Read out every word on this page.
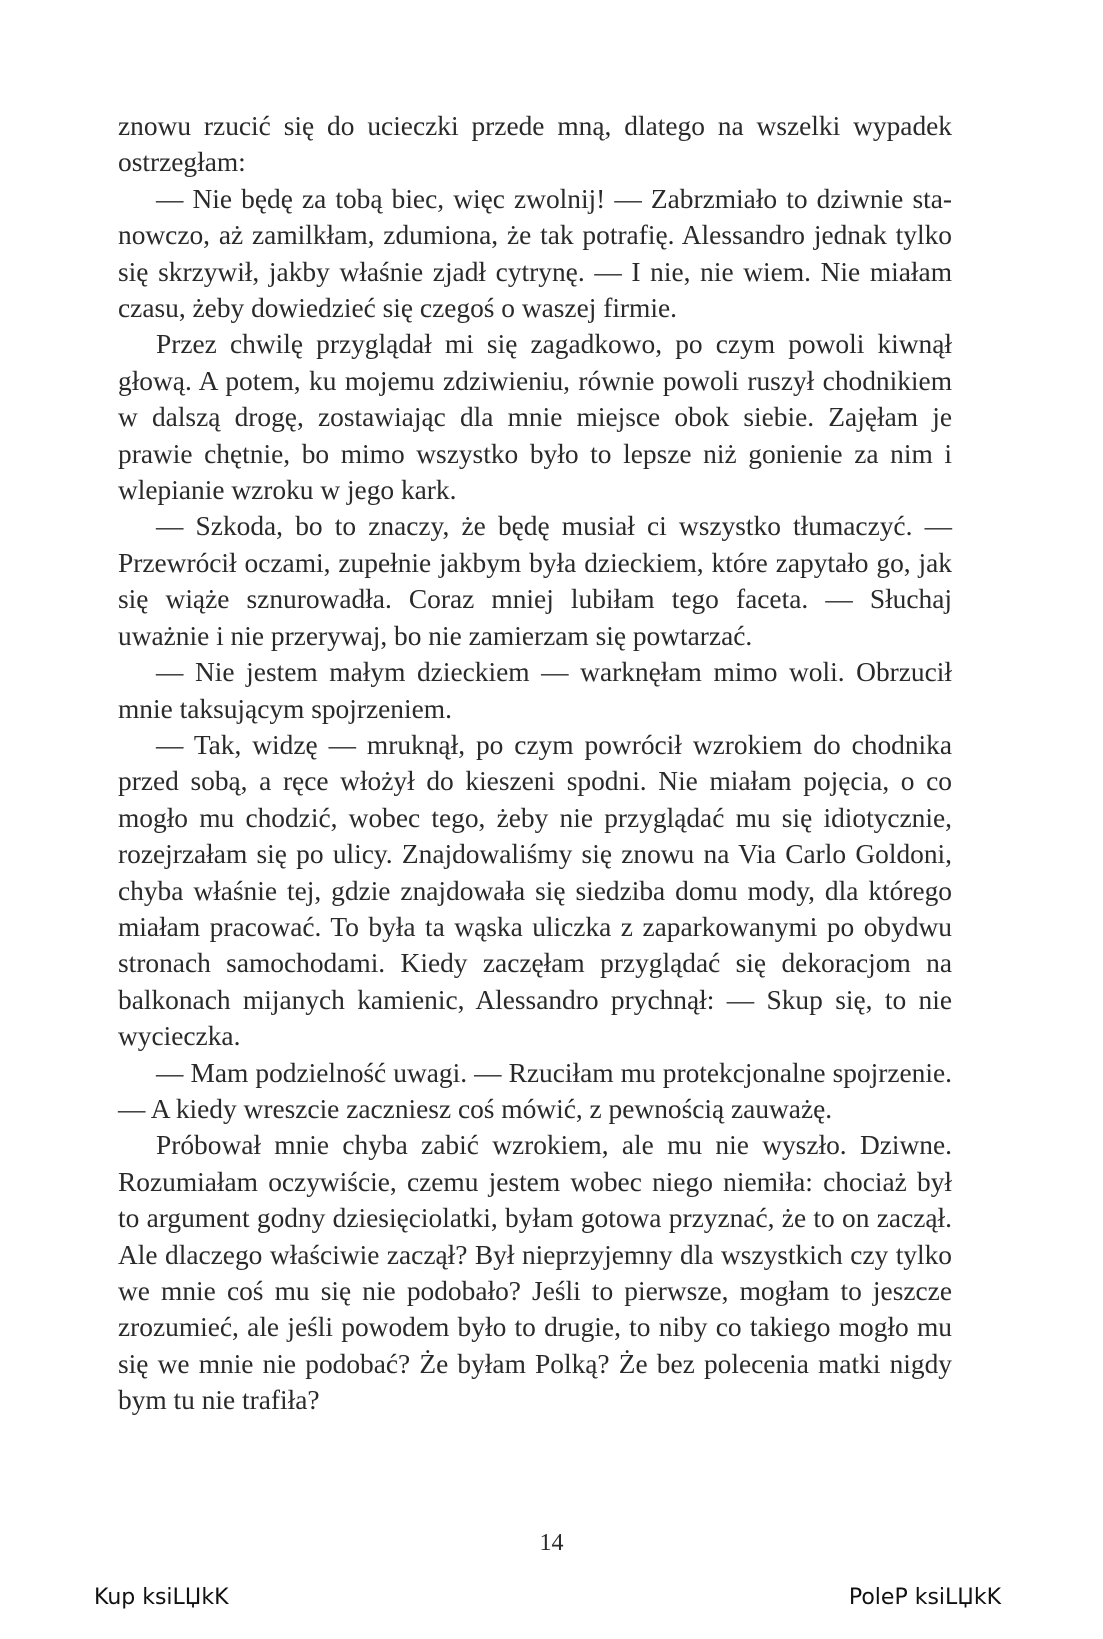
znowu rzucić się do ucieczki przede mną, dlatego na wszelki wypadek ostrzegłam:

— Nie będę za tobą biec, więc zwolnij! — Zabrzmiało to dziwnie stanowczo, aż zamilkłam, zdumiona, że tak potrafię. Alessandro jednak tylko się skrzywił, jakby właśnie zjadł cytrynę. — I nie, nie wiem. Nie miałam czasu, żeby dowiedzieć się czegoś o waszej firmie.

Przez chwilę przyglądał mi się zagadkowo, po czym powoli kiwnął głową. A potem, ku mojemu zdziwieniu, równie powoli ruszył chodnikiem w dalszą drogę, zostawiając dla mnie miejsce obok siebie. Zajęłam je prawie chętnie, bo mimo wszystko było to lepsze niż gonienie za nim i wlepianie wzroku w jego kark.

— Szkoda, bo to znaczy, że będę musiał ci wszystko tłumaczyć. — Przewrócił oczami, zupełnie jakbym była dzieckiem, które zapytało go, jak się wiąże sznurowadła. Coraz mniej lubiłam tego faceta. — Słuchaj uważnie i nie przerywaj, bo nie zamierzam się powtarzać.

— Nie jestem małym dzieckiem — warknęłam mimo woli. Obrzucił mnie taksującym spojrzeniem.

— Tak, widzę — mruknął, po czym powrócił wzrokiem do chodnika przed sobą, a ręce włożył do kieszeni spodni. Nie miałam pojęcia, o co mogło mu chodzić, wobec tego, żeby nie przyglądać mu się idiotycznie, rozejrzałam się po ulicy. Znajdowaliśmy się znowu na Via Carlo Goldoni, chyba właśnie tej, gdzie znajdowała się siedziba domu mody, dla którego miałam pracować. To była ta wąska uliczka z zaparkowanymi po obydwu stronach samochodami. Kiedy zaczęłam przyglądać się dekoracjom na balkonach mijanych kamienic, Alessandro prychnął: — Skup się, to nie wycieczka.

— Mam podzielność uwagi. — Rzuciłam mu protekcjonalne spojrzenie. — A kiedy wreszcie zaczniesz coś mówić, z pewnością zauważę.

Próbował mnie chyba zabić wzrokiem, ale mu nie wyszło. Dziwne. Rozumiałam oczywiście, czemu jestem wobec niego niemiła: chociaż był to argument godny dziesięciolatki, byłam gotowa przyznać, że to on zaczął. Ale dlaczego właściwie zaczął? Był nieprzyjemny dla wszystkich czy tylko we mnie coś mu się nie podobało? Jeśli to pierwsze, mogłam to jeszcze zrozumieć, ale jeśli powodem było to drugie, to niby co takiego mogło mu się we mnie nie podobać? Że byłam Polką? Że bez polecenia matki nigdy bym tu nie trafiła?

14
Kup ksiLЏkK	PoleP ksiLЏkK
